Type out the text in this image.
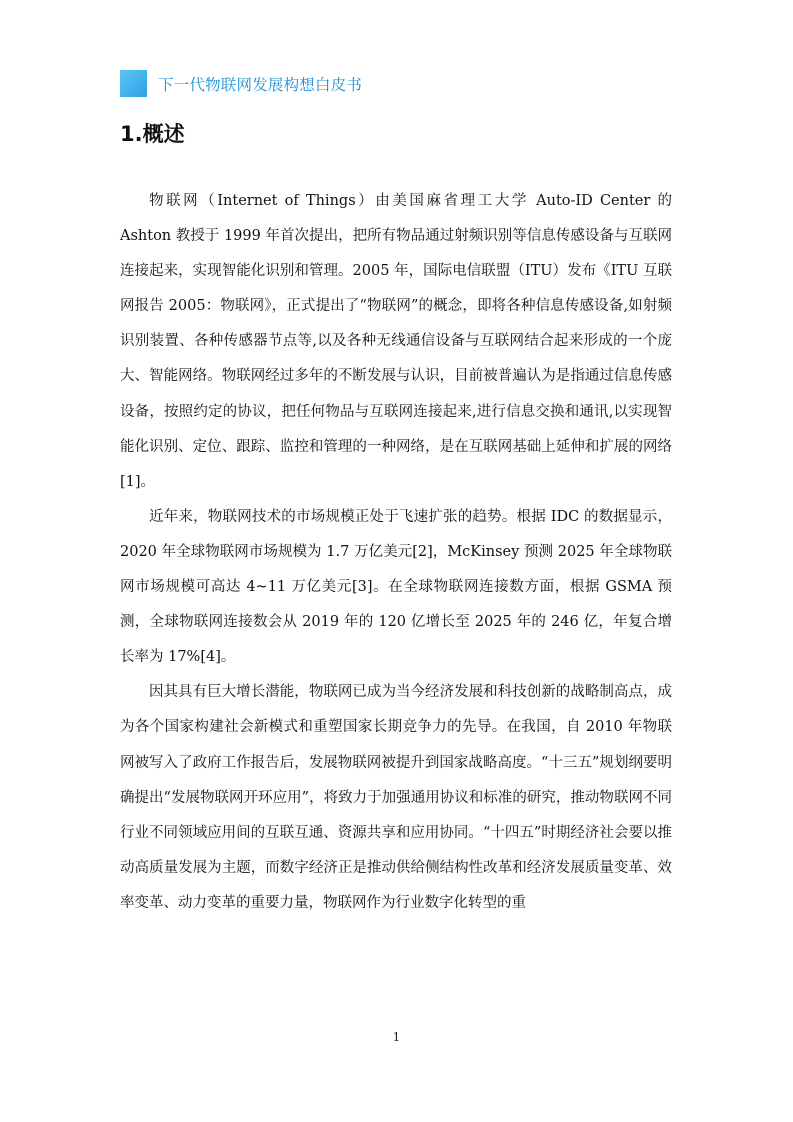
下一代物联网发展构想白皮书
1.概述

物联网（Internet of Things）由美国麻省理工大学 Auto-ID Center 的 Ashton 教授于 1999 年首次提出，把所有物品通过射频识别等信息传感设备与互联网连接起来，实现智能化识别和管理。2005 年，国际电信联盟（ITU）发布《ITU 互联网报告 2005：物联网》，正式提出了“物联网”的概念，即将各种信息传感设备,如射频识别装置、各种传感器节点等,以及各种无线通信设备与互联网结合起来形成的一个庞大、智能网络。物联网经过多年的不断发展与认识，目前被普遍认为是指通过信息传感设备，按照约定的协议，把任何物品与互联网连接起来,进行信息交换和通讯,以实现智能化识别、定位、跟踪、监控和管理的一种网络，是在互联网基础上延伸和扩展的网络[1]。

近年来，物联网技术的市场规模正处于飞速扩张的趋势。根据 IDC 的数据显示，2020 年全球物联网市场规模为 1.7 万亿美元[2]，McKinsey 预测 2025 年全球物联网市场规模可高达 4~11 万亿美元[3]。在全球物联网连接数方面，根据 GSMA 预测，全球物联网连接数会从 2019 年的 120 亿增长至 2025 年的 246 亿，年复合增长率为 17%[4]。

因其具有巨大增长潜能，物联网已成为当今经济发展和科技创新的战略制高点，成为各个国家构建社会新模式和重塑国家长期竞争力的先导。在我国，自 2010 年物联网被写入了政府工作报告后，发展物联网被提升到国家战略高度。“十三五”规划纲要明确提出“发展物联网开环应用”，将致力于加强通用协议和标准的研究，推动物联网不同行业不同领域应用间的互联互通、资源共享和应用协同。“十四五”时期经济社会要以推动高质量发展为主题，而数字经济正是推动供给侧结构性改革和经济发展质量变革、效率变革、动力变革的重要力量，物联网作为行业数字化转型的重

1
